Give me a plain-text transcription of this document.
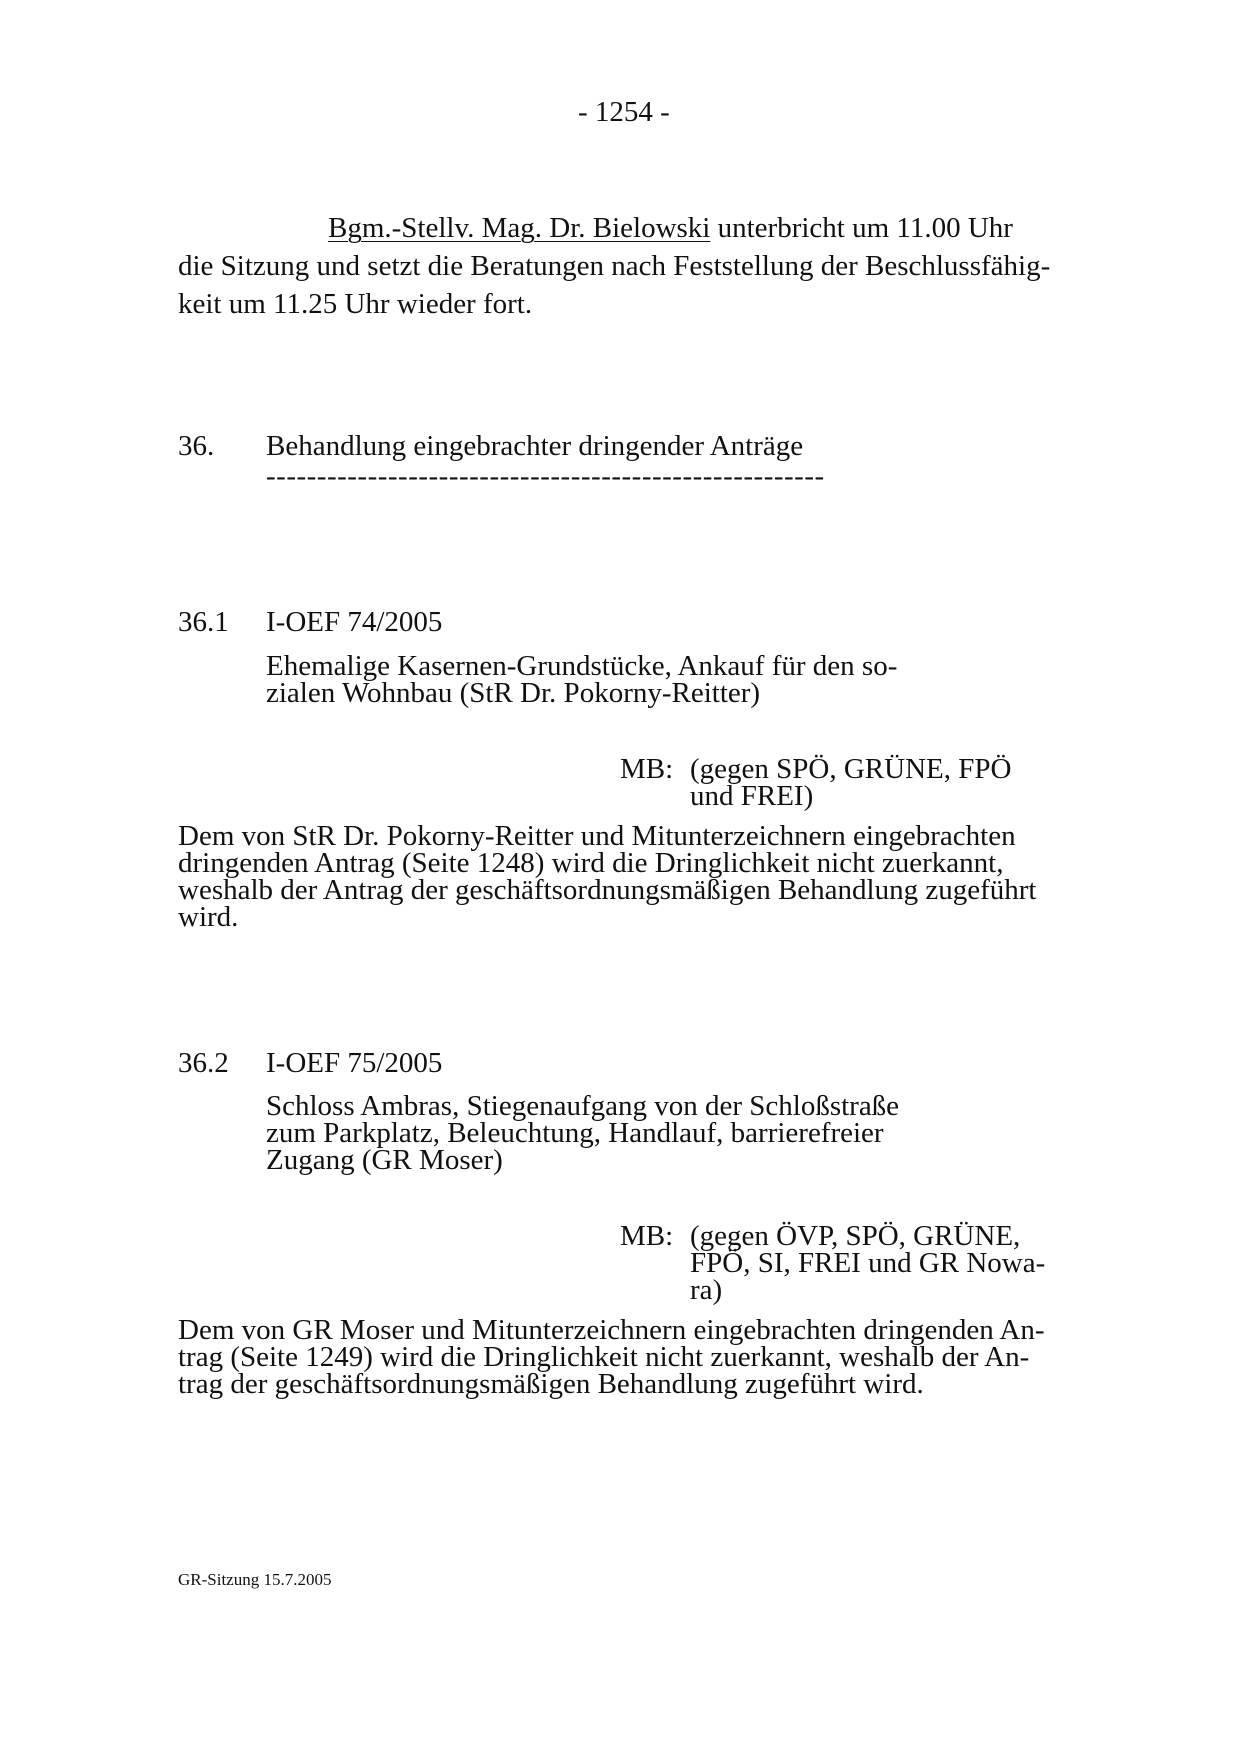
- 1254 -
Bgm.-Stellv. Mag. Dr. Bielowski unterbricht um 11.00 Uhr
die Sitzung und setzt die Beratungen nach Feststellung der Beschlussfähig-
keit um 11.25 Uhr wieder fort.
36. Behandlung eingebrachter dringender Anträge
-------------------------------------------------------
36.1 I-OEF 74/2005
Ehemalige Kasernen-Grundstücke, Ankauf für den so-
zialen Wohnbau (StR Dr. Pokorny-Reitter)
MB: (gegen SPÖ, GRÜNE, FPÖ
und FREI)
Dem von StR Dr. Pokorny-Reitter und Mitunterzeichnern eingebrachten
dringenden Antrag (Seite 1248) wird die Dringlichkeit nicht zuerkannt,
weshalb der Antrag der geschäftsordnungsmäßigen Behandlung zugeführt
wird.
36.2 I-OEF 75/2005
Schloss Ambras, Stiegenaufgang von der Schloßstraße
zum Parkplatz, Beleuchtung, Handlauf, barrierefreier
Zugang (GR Moser)
MB: (gegen ÖVP, SPÖ, GRÜNE,
FPÖ, SI, FREI und GR Nowa-
ra)
Dem von GR Moser und Mitunterzeichnern eingebrachten dringenden An-
trag (Seite 1249) wird die Dringlichkeit nicht zuerkannt, weshalb der An-
trag der geschäftsordnungsmäßigen Behandlung zugeführt wird.
GR-Sitzung 15.7.2005
